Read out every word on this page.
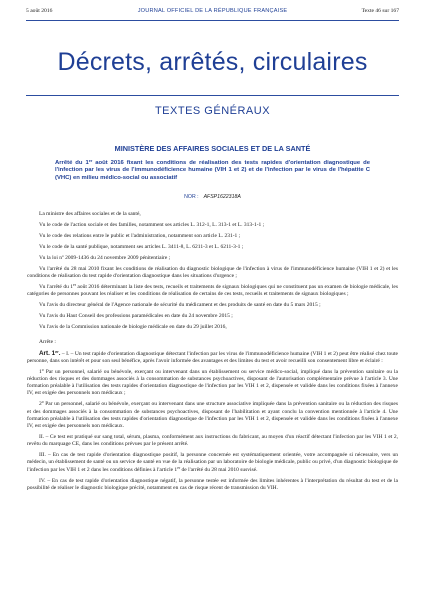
5 août 2016	JOURNAL OFFICIEL DE LA RÉPUBLIQUE FRANÇAISE	Texte 46 sur 167
Décrets, arrêtés, circulaires
TEXTES GÉNÉRAUX
MINISTÈRE DES AFFAIRES SOCIALES ET DE LA SANTÉ
Arrêté du 1er août 2016 fixant les conditions de réalisation des tests rapides d'orientation diagnostique de l'infection par les virus de l'immunodéficience humaine (VIH 1 et 2) et de l'infection par le virus de l'hépatite C (VHC) en milieu médico-social ou associatif
NOR : AFSP1622318A

La ministre des affaires sociales et de la santé,

Vu le code de l'action sociale et des familles, notamment ses articles L. 312-1, L. 313-1 et L. 313-1-1 ;

Vu le code des relations entre le public et l'administration, notamment son article L. 231-1 ;

Vu le code de la santé publique, notamment ses articles L. 3411-8, L. 6211-3 et L. 6211-3-1 ;

Vu la loi nº 2009-1436 du 24 novembre 2009 pénitentiaire ;

Vu l'arrêté du 28 mai 2010 fixant les conditions de réalisation du diagnostic biologique de l'infection à virus de l'immunodéficience humaine (VIH 1 et 2) et les conditions de réalisation du test rapide d'orientation diagnostique dans les situations d'urgence ;

Vu l'arrêté du 1er août 2016 déterminant la liste des tests, recueils et traitements de signaux biologiques qui ne constituent pas un examen de biologie médicale, les catégories de personnes pouvant les réaliser et les conditions de réalisation de certains de ces tests, recueils et traitements de signaux biologiques ;

Vu l'avis du directeur général de l'Agence nationale de sécurité du médicament et des produits de santé en date du 5 mars 2015 ;

Vu l'avis du Haut Conseil des professions paramédicales en date du 24 novembre 2015 ;

Vu l'avis de la Commission nationale de biologie médicale en date du 29 juillet 2016,

Arrête :

Art. 1er. – I. – Un test rapide d'orientation diagnostique détectant l'infection par les virus de l'immunodéficience humaine (VIH 1 et 2) peut être réalisé chez toute personne, dans son intérêt et pour son seul bénéfice, après l'avoir informée des avantages et des limites du test et avoir recueilli son consentement libre et éclairé :

1$^o$ Par un personnel, salarié ou bénévole, exerçant ou intervenant dans un établissement ou service médico-social, impliqué dans la prévention sanitaire ou la réduction des risques et des dommages associés à la consommation de substances psychoactives, disposant de l'autorisation complémentaire prévue à l'article 3. Une formation préalable à l'utilisation des tests rapides d'orientation diagnostique de l'infection par les VIH 1 et 2, dispensée et validée dans les conditions fixées à l'annexe IV, est exigée des personnels non médicaux ;

2$^o$ Par un personnel, salarié ou bénévole, exerçant ou intervenant dans une structure associative impliquée dans la prévention sanitaire ou la réduction des risques et des dommages associés à la consommation de substances psychoactives, disposant de l'habilitation et ayant conclu la convention mentionnée à l'article 4. Une formation préalable à l'utilisation des tests rapides d'orientation diagnostique de l'infection par les VIH 1 et 2, dispensée et validée dans les conditions fixées à l'annexe IV, est exigée des personnels non médicaux.

II. – Ce test est pratiqué sur sang total, sérum, plasma, conformément aux instructions du fabricant, au moyen d'un réactif détectant l'infection par les VIH 1 et 2, revêtu du marquage CE, dans les conditions prévues par le présent arrêté.

III. – En cas de test rapide d'orientation diagnostique positif, la personne concernée est systématiquement orientée, votre accompagnée si nécessaire, vers un médecin, un établissement de santé ou un service de santé en vue de la réalisation par un laboratoire de biologie médicale, public ou privé, d'un diagnostic biologique de l'infection par les VIH 1 et 2 dans les conditions définies à l'article 1er de l'arrêté du 28 mai 2010 susvisé.

IV. – En cas de test rapide d'orientation diagnostique négatif, la personne testée est informée des limites inhérentes à l'interprétation du résultat du test et de la possibilité de réaliser le diagnostic biologique précité, notamment en cas de risque récent de transmission du VIH.
